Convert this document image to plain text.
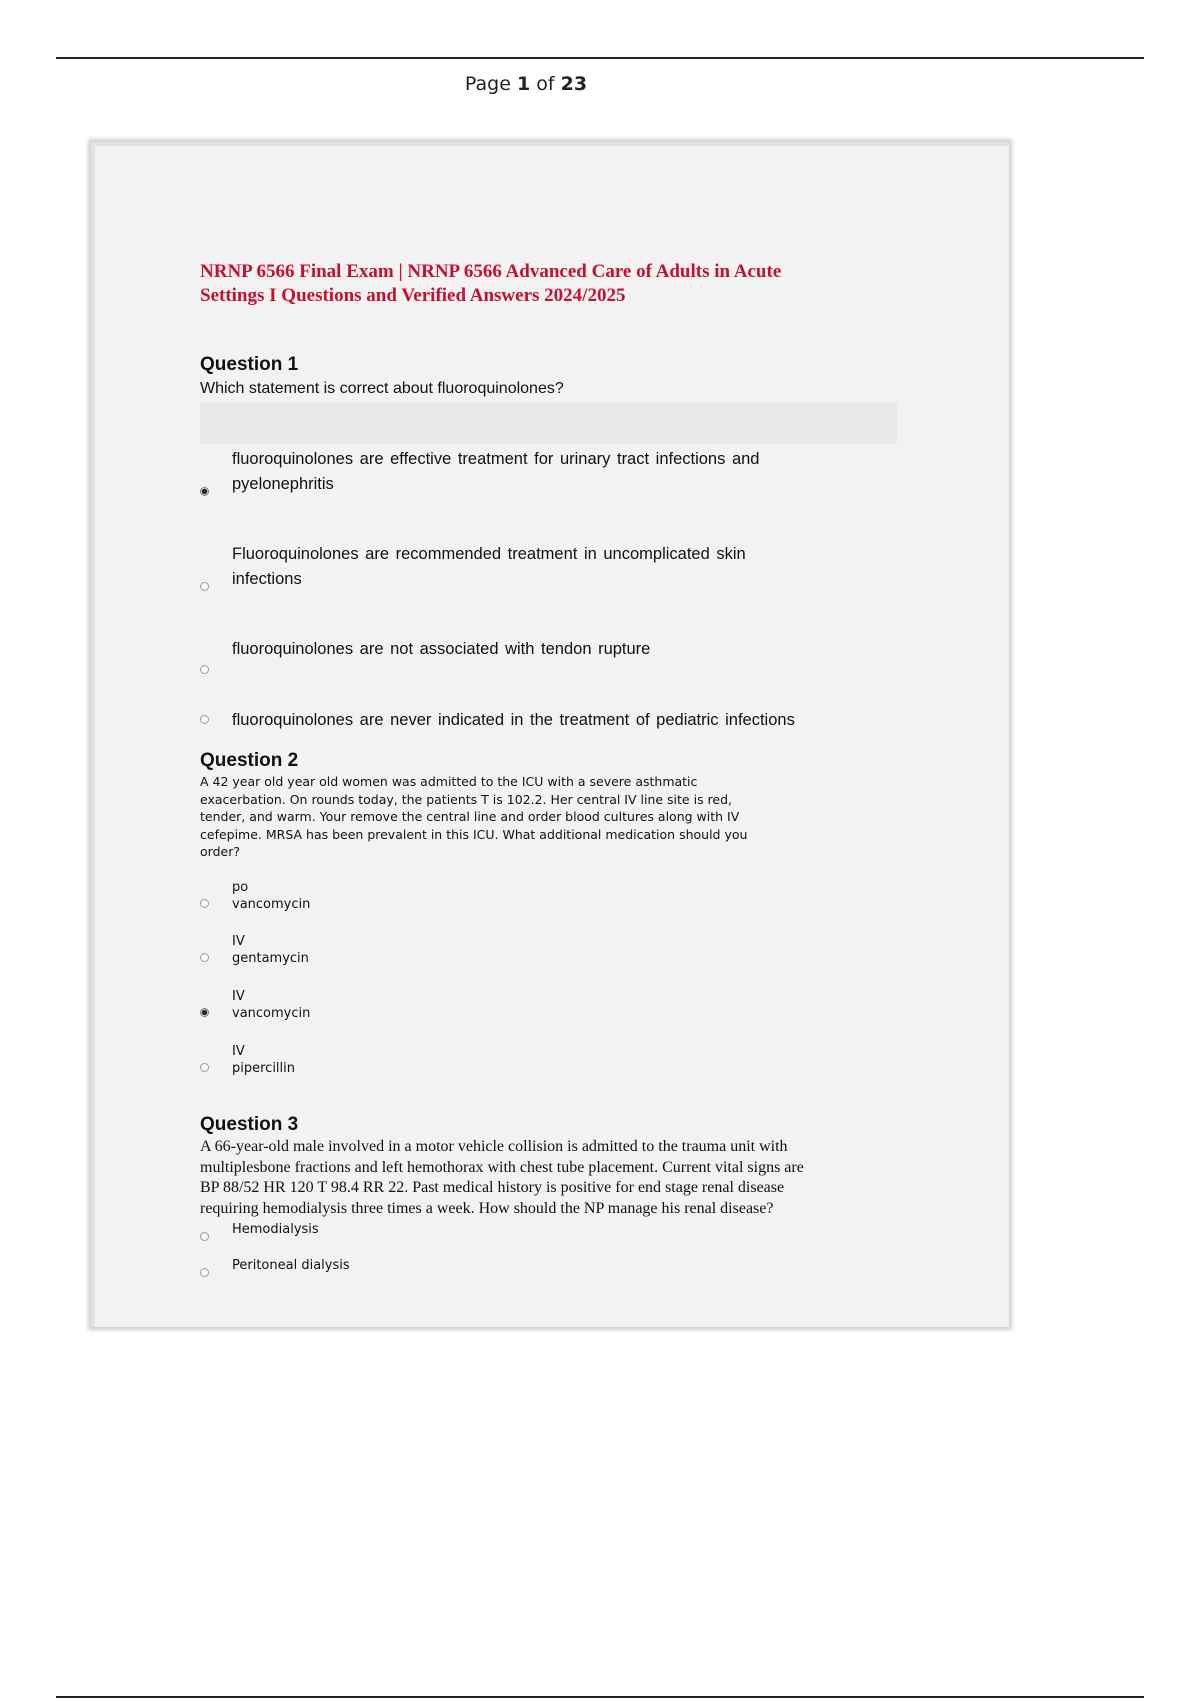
Page 1 of 23
NRNP 6566 Final Exam | NRNP 6566 Advanced Care of Adults in Acute
Settings I Questions and Verified Answers 2024/2025
Question 1
Which statement is correct about fluoroquinolones?
fluoroquinolones are effective treatment for urinary tract infections and
pyelonephritis
Fluoroquinolones are recommended treatment in uncomplicated skin
infections
fluoroquinolones are not associated with tendon rupture
fluoroquinolones are never indicated in the treatment of pediatric infections
Question 2
A 42 year old year old women was admitted to the ICU with a severe asthmatic
exacerbation. On rounds today, the patients T is 102.2. Her central IV line site is red,
tender, and warm. Your remove the central line and order blood cultures along with IV
cefepime. MRSA has been prevalent in this ICU. What additional medication should you
order?
po
vancomycin
IV
gentamycin
IV
vancomycin
IV
pipercillin
Question 3
A 66-year-old male involved in a motor vehicle collision is admitted to the trauma unit with
multiplesbone fractions and left hemothorax with chest tube placement. Current vital signs are
BP 88/52 HR 120 T 98.4 RR 22. Past medical history is positive for end stage renal disease
requiring hemodialysis three times a week. How should the NP manage his renal disease?
Hemodialysis
Peritoneal dialysis
